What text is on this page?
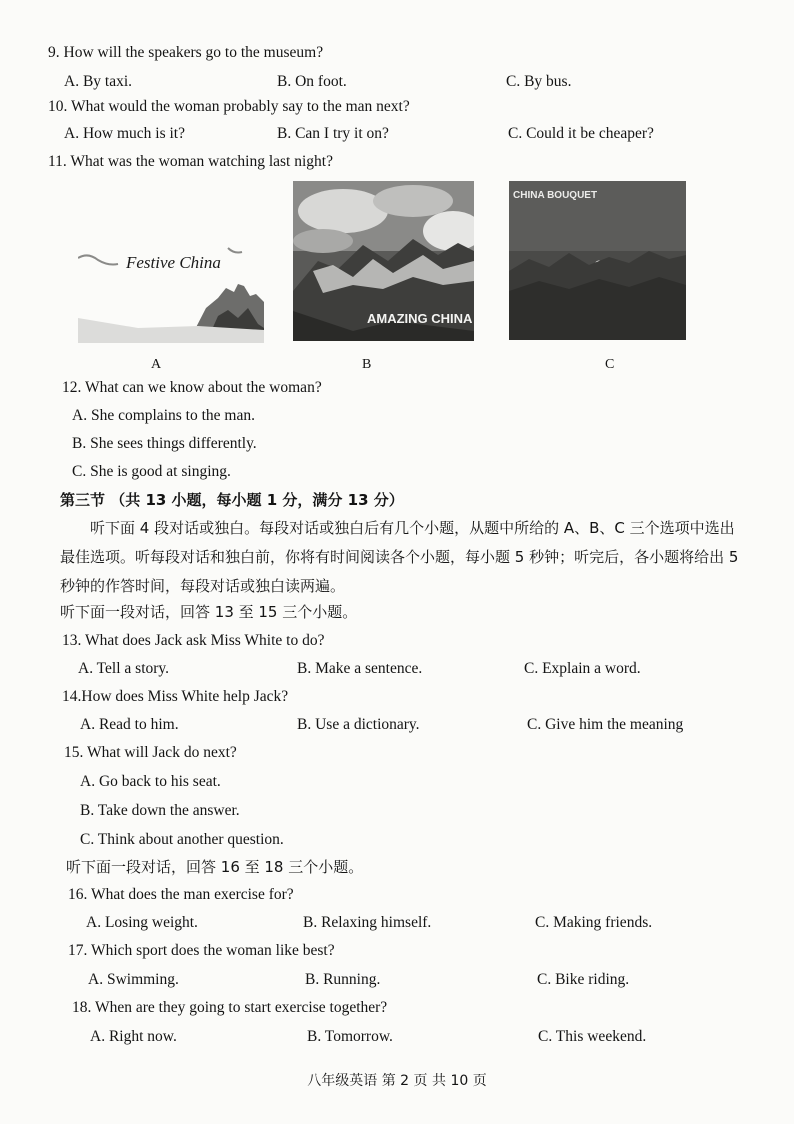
9. How will the speakers go to the museum?
A. By taxi.	B. On foot.	C. By bus.
10. What would the woman probably say to the man next?
A. How much is it?	B. Can I try it on?	C. Could it be cheaper?
11. What was the woman watching last night?
Festive China
A
AMAZING CHINA
B
CHINA BOUQUET
C
12. What can we know about the woman?
A. She complains to the man.
B. She sees things differently.
C. She is good at singing.
第三节 （共 13 小题，每小题 1 分，满分 13 分）
听下面 4 段对话或独白。每段对话或独白后有几个小题，从题中所给的 A、B、C 三个选项中选出最佳选项。听每段对话和独白前，你将有时间阅读各个小题，每小题 5 秒钟；听完后，各小题将给出 5 秒钟的作答时间，每段对话或独白读两遍。
听下面一段对话，回答 13 至 15 三个小题。
13. What does Jack ask Miss White to do?
A. Tell a story.	B. Make a sentence.	C. Explain a word.
14.How does Miss White help Jack?
A. Read to him.	B. Use a dictionary.	C. Give him the meaning
15. What will Jack do next?
A. Go back to his seat.
B. Take down the answer.
C. Think about another question.
听下面一段对话，回答 16 至 18 三个小题。
16. What does the man exercise for?
A. Losing weight.	B. Relaxing himself.	C. Making friends.
17. Which sport does the woman like best?
A. Swimming.	B. Running.	C. Bike riding.
18. When are they going to start exercise together?
A. Right now.	B. Tomorrow.	C. This weekend.
八年级英语 第 2 页 共 10 页
